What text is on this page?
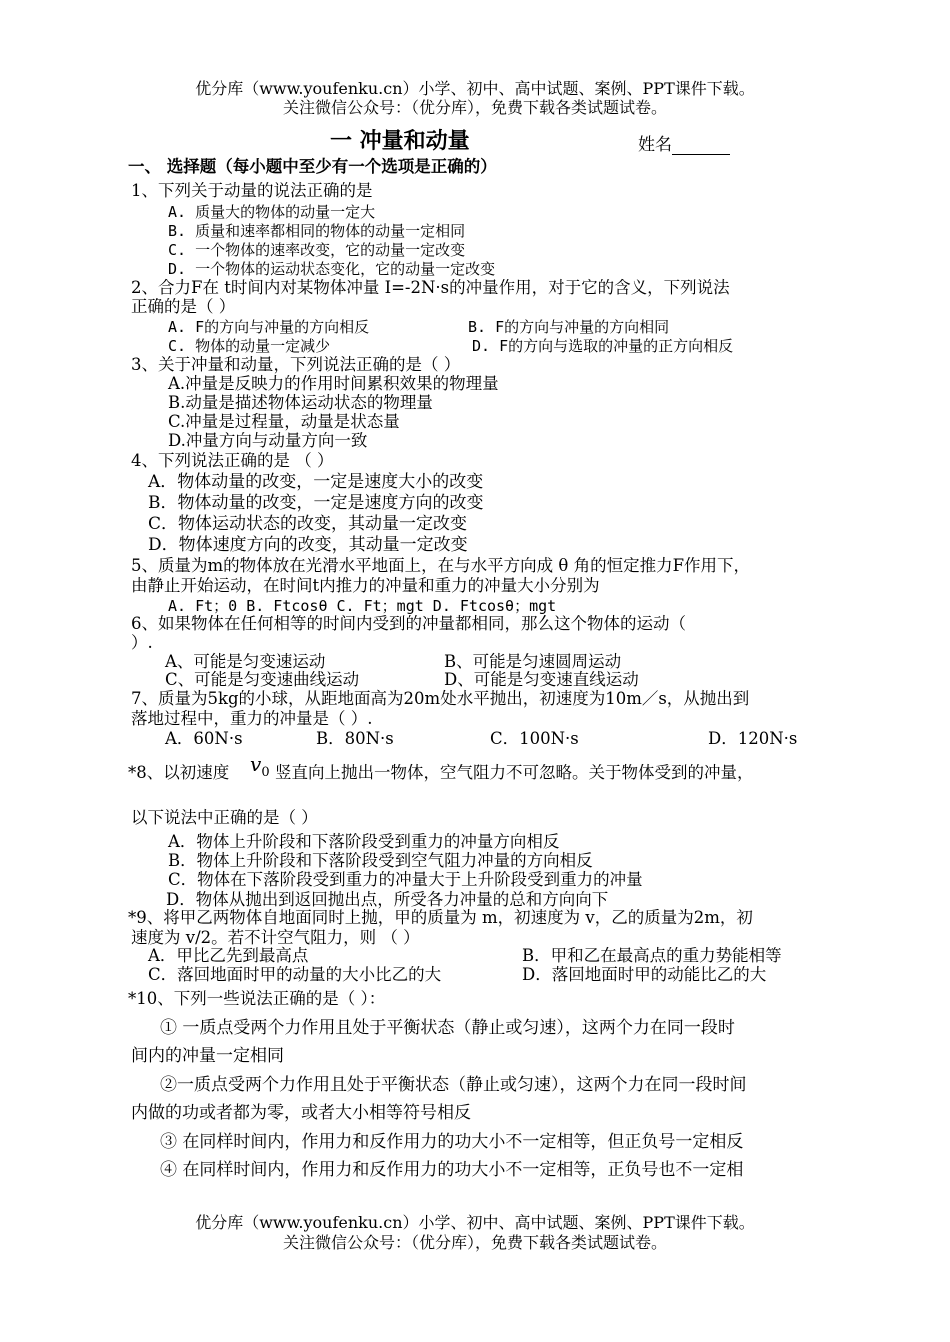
优分库（www.youfenku.cn）小学、初中、高中试题、案例、PPT课件下载。
关注微信公众号：（优分库），免费下载各类试题试卷。
一 冲量和动量	姓名
一、 选择题（每小题中至少有一个选项是正确的）
1、下列关于动量的说法正确的是
A. 质量大的物体的动量一定大
B. 质量和速率都相同的物体的动量一定相同
C. 一个物体的速率改变，它的动量一定改变
D. 一个物体的运动状态变化，它的动量一定改变
2、合力F在 t时间内对某物体冲量 I=-2N·s的冲量作用，对于它的含义，下列说法
正确的是（ ）
A. F的方向与冲量的方向相反	B. F的方向与冲量的方向相同
C. 物体的动量一定减少	D. F的方向与选取的冲量的正方向相反
3、关于冲量和动量，下列说法正确的是（ ）
A.冲量是反映力的作用时间累积效果的物理量
B.动量是描述物体运动状态的物理量
C.冲量是过程量，动量是状态量
D.冲量方向与动量方向一致
4、下列说法正确的是 （ ）
A．物体动量的改变，一定是速度大小的改变
B．物体动量的改变，一定是速度方向的改变
C．物体运动状态的改变，其动量一定改变
D．物体速度方向的改变，其动量一定改变
5、质量为m的物体放在光滑水平地面上，在与水平方向成 θ 角的恒定推力F作用下，
由静止开始运动，在时间t内推力的冲量和重力的冲量大小分别为
A. Ft；0 B. Ftcosθ C. Ft；mgt D. Ftcosθ；mgt
6、如果物体在任何相等的时间内受到的冲量都相同，那么这个物体的运动（
）.
A、可能是匀变速运动	B、可能是匀速圆周运动
C、可能是匀变速曲线运动	D、可能是匀变速直线运动
7、质量为5kg的小球，从距地面高为20m处水平抛出，初速度为10m／s，从抛出到
落地过程中，重力的冲量是（ ）.
A．60N·s	B．80N·s	C．100N·s	D．120N·s
*8、以初速度 $v_0$ 竖直向上抛出一物体，空气阻力不可忽略。关于物体受到的冲量，
以下说法中正确的是（ ）
A．物体上升阶段和下落阶段受到重力的冲量方向相反
B．物体上升阶段和下落阶段受到空气阻力冲量的方向相反
C．物体在下落阶段受到重力的冲量大于上升阶段受到重力的冲量
D．物体从抛出到返回抛出点，所受各力冲量的总和方向向下
*9、将甲乙两物体自地面同时上抛，甲的质量为 m，初速度为 v，乙的质量为2m，初
速度为 v/2。若不计空气阻力，则 （ ）
A．甲比乙先到最高点	B．甲和乙在最高点的重力势能相等
C．落回地面时甲的动量的大小比乙的大	D．落回地面时甲的动能比乙的大
*10、下列一些说法正确的是（ ）：
① 一质点受两个力作用且处于平衡状态（静止或匀速），这两个力在同一段时
间内的冲量一定相同
②一质点受两个力作用且处于平衡状态（静止或匀速），这两个力在同一段时间
内做的功或者都为零，或者大小相等符号相反
③ 在同样时间内，作用力和反作用力的功大小不一定相等，但正负号一定相反
④ 在同样时间内，作用力和反作用力的功大小不一定相等，正负号也不一定相
优分库（www.youfenku.cn）小学、初中、高中试题、案例、PPT课件下载。
关注微信公众号：（优分库），免费下载各类试题试卷。
